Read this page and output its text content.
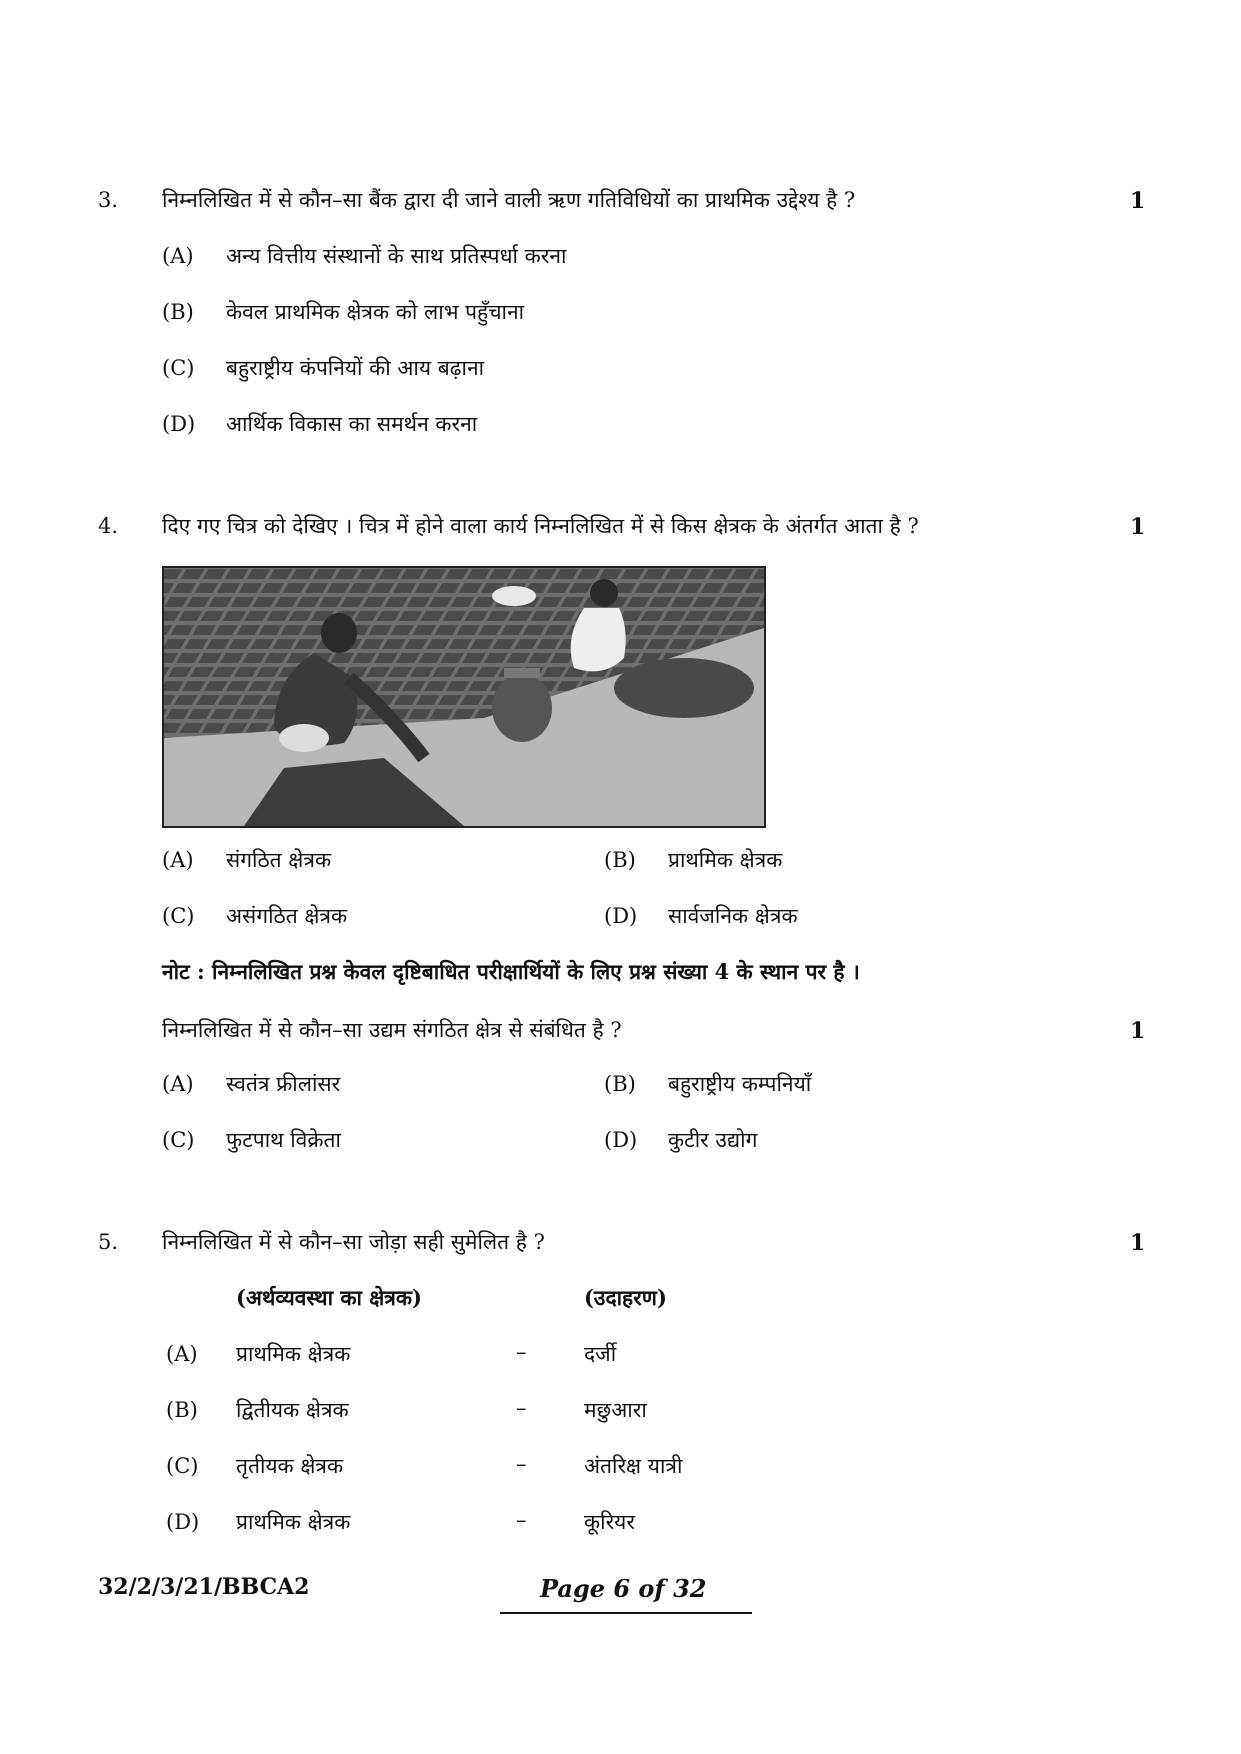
3. निम्नलिखित में से कौन–सा बैंक द्वारा दी जाने वाली ऋण गतिविधियों का प्राथमिक उद्देश्य है ?	1
(A) अन्य वित्तीय संस्थानों के साथ प्रतिस्पर्धा करना
(B) केवल प्राथमिक क्षेत्रक को लाभ पहुँचाना
(C) बहुराष्ट्रीय कंपनियों की आय बढ़ाना
(D) आर्थिक विकास का समर्थन करना
4. दिए गए चित्र को देखिए । चित्र में होने वाला कार्य निम्नलिखित में से किस क्षेत्रक के अंतर्गत आता है ?	1
(A) संगठित क्षेत्रक	(B) प्राथमिक क्षेत्रक
(C) असंगठित क्षेत्रक	(D) सार्वजनिक क्षेत्रक
नोट : निम्नलिखित प्रश्न केवल दृष्टिबाधित परीक्षार्थियों के लिए प्रश्न संख्या 4 के स्थान पर है ।
निम्नलिखित में से कौन–सा उद्यम संगठित क्षेत्र से संबंधित है ?	1
(A) स्वतंत्र फ्रीलांसर	(B) बहुराष्ट्रीय कम्पनियाँ
(C) फुटपाथ विक्रेता	(D) कुटीर उद्योग
5. निम्नलिखित में से कौन–सा जोड़ा सही सुमेलित है ?	1
(अर्थव्यवस्था का क्षेत्रक)	(उदाहरण)
(A) प्राथमिक क्षेत्रक	–	दर्जी
(B) द्वितीयक क्षेत्रक	–	मछुआरा
(C) तृतीयक क्षेत्रक	–	अंतरिक्ष यात्री
(D) प्राथमिक क्षेत्रक	–	कूरियर
32/2/3/21/BBCA2	Page 6 of 32
